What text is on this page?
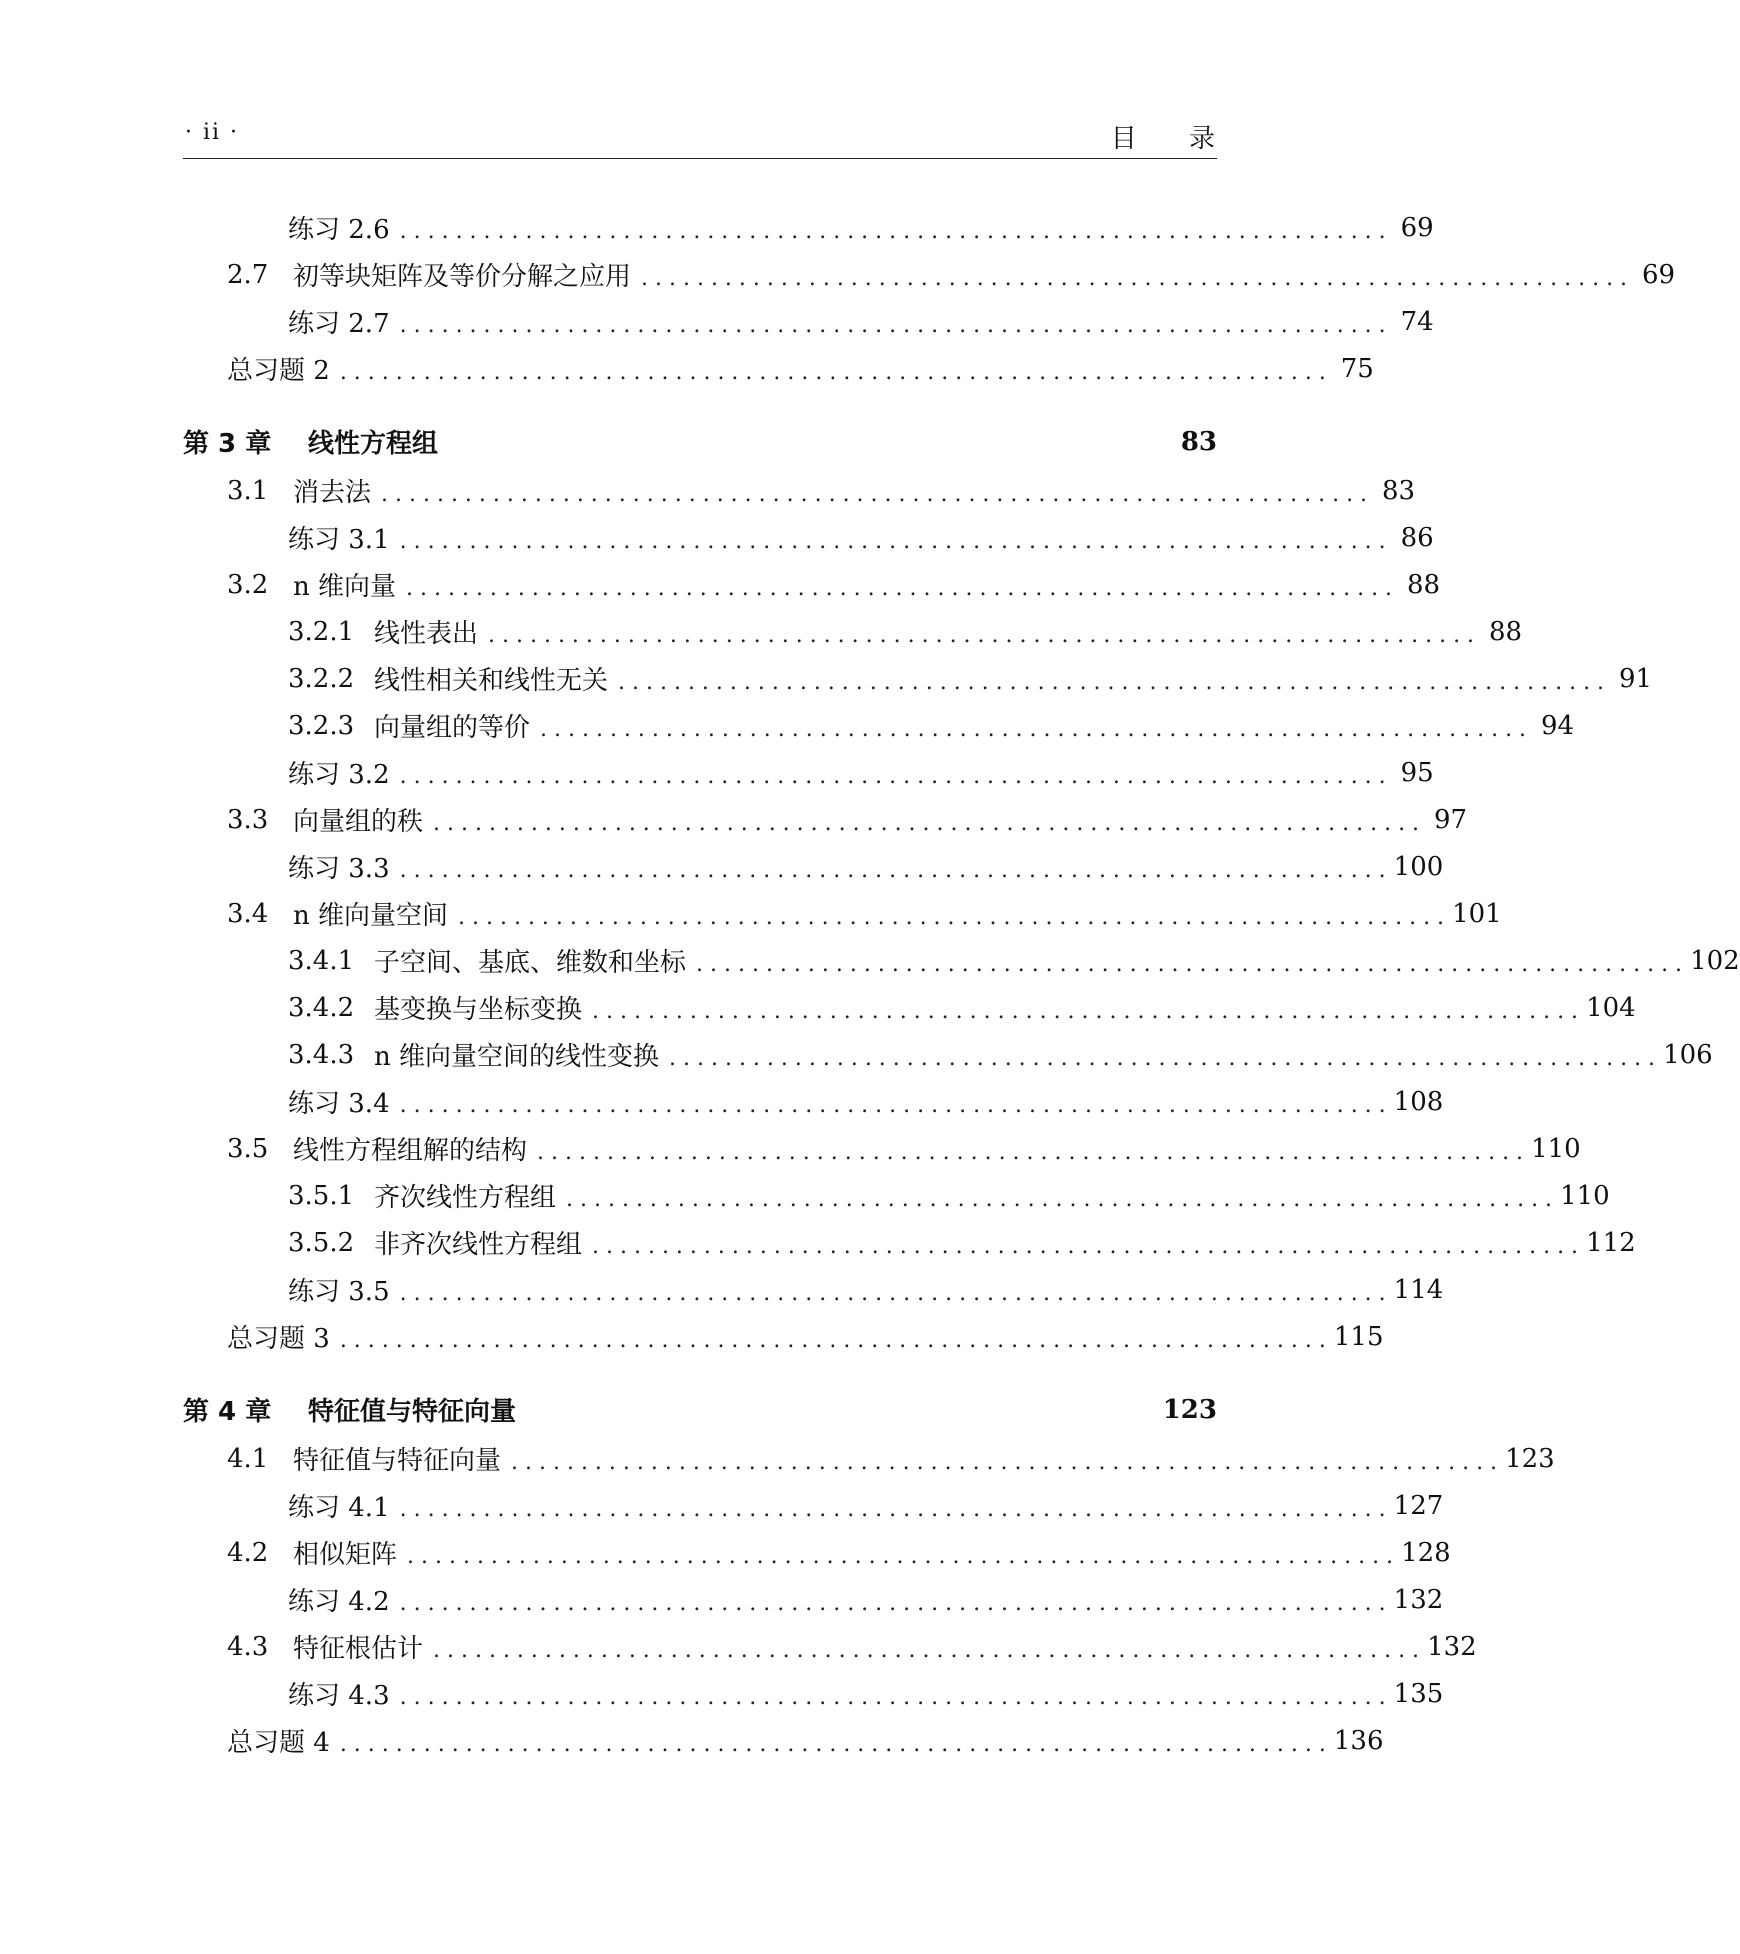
· ii ·	目 录
练习 2.6 . . . . . . . . . . . . . . . . . . . . . . . . . . . . . . . . . . . . . . . . . . . . . . . . . . . . . . . . . . . . . . . . . . . . . . . 69
2.7 初等块矩阵及等价分解之应用 . . . . . . . . . . . . . . . . . . . . . . . . . . . . . . . . . . . . . . . . . . . . . . . . . . . . . . . . . . . . . . . . . . . . . . . 69
练习 2.7 . . . . . . . . . . . . . . . . . . . . . . . . . . . . . . . . . . . . . . . . . . . . . . . . . . . . . . . . . . . . . . . . . . . . . . . 74
总习题 2 . . . . . . . . . . . . . . . . . . . . . . . . . . . . . . . . . . . . . . . . . . . . . . . . . . . . . . . . . . . . . . . . . . . . . . . 75
第 3 章	线性方程组	83
3.1 消去法 . . . . . . . . . . . . . . . . . . . . . . . . . . . . . . . . . . . . . . . . . . . . . . . . . . . . . . . . . . . . . . . . . . . . . . . 83
练习 3.1 . . . . . . . . . . . . . . . . . . . . . . . . . . . . . . . . . . . . . . . . . . . . . . . . . . . . . . . . . . . . . . . . . . . . . . . 86
3.2 n 维向量 . . . . . . . . . . . . . . . . . . . . . . . . . . . . . . . . . . . . . . . . . . . . . . . . . . . . . . . . . . . . . . . . . . . . . . . 88
3.2.1 线性表出 . . . . . . . . . . . . . . . . . . . . . . . . . . . . . . . . . . . . . . . . . . . . . . . . . . . . . . . . . . . . . . . . . . . . . . . 88
3.2.2 线性相关和线性无关 . . . . . . . . . . . . . . . . . . . . . . . . . . . . . . . . . . . . . . . . . . . . . . . . . . . . . . . . . . . . . . . . . . . . . . . 91
3.2.3 向量组的等价 . . . . . . . . . . . . . . . . . . . . . . . . . . . . . . . . . . . . . . . . . . . . . . . . . . . . . . . . . . . . . . . . . . . . . . . 94
练习 3.2 . . . . . . . . . . . . . . . . . . . . . . . . . . . . . . . . . . . . . . . . . . . . . . . . . . . . . . . . . . . . . . . . . . . . . . . 95
3.3 向量组的秩 . . . . . . . . . . . . . . . . . . . . . . . . . . . . . . . . . . . . . . . . . . . . . . . . . . . . . . . . . . . . . . . . . . . . . . . 97
练习 3.3 . . . . . . . . . . . . . . . . . . . . . . . . . . . . . . . . . . . . . . . . . . . . . . . . . . . . . . . . . . . . . . . . . . . . . . . 100
3.4 n 维向量空间 . . . . . . . . . . . . . . . . . . . . . . . . . . . . . . . . . . . . . . . . . . . . . . . . . . . . . . . . . . . . . . . . . . . . . . . 101
3.4.1 子空间、基底、维数和坐标 . . . . . . . . . . . . . . . . . . . . . . . . . . . . . . . . . . . . . . . . . . . . . . . . . . . . . . . . . . . . . . . . . . . . . . . 102
3.4.2 基变换与坐标变换 . . . . . . . . . . . . . . . . . . . . . . . . . . . . . . . . . . . . . . . . . . . . . . . . . . . . . . . . . . . . . . . . . . . . . . . 104
3.4.3 n 维向量空间的线性变换 . . . . . . . . . . . . . . . . . . . . . . . . . . . . . . . . . . . . . . . . . . . . . . . . . . . . . . . . . . . . . . . . . . . . . . . 106
练习 3.4 . . . . . . . . . . . . . . . . . . . . . . . . . . . . . . . . . . . . . . . . . . . . . . . . . . . . . . . . . . . . . . . . . . . . . . . 108
3.5 线性方程组解的结构 . . . . . . . . . . . . . . . . . . . . . . . . . . . . . . . . . . . . . . . . . . . . . . . . . . . . . . . . . . . . . . . . . . . . . . . 110
3.5.1 齐次线性方程组 . . . . . . . . . . . . . . . . . . . . . . . . . . . . . . . . . . . . . . . . . . . . . . . . . . . . . . . . . . . . . . . . . . . . . . . 110
3.5.2 非齐次线性方程组 . . . . . . . . . . . . . . . . . . . . . . . . . . . . . . . . . . . . . . . . . . . . . . . . . . . . . . . . . . . . . . . . . . . . . . . 112
练习 3.5 . . . . . . . . . . . . . . . . . . . . . . . . . . . . . . . . . . . . . . . . . . . . . . . . . . . . . . . . . . . . . . . . . . . . . . . 114
总习题 3 . . . . . . . . . . . . . . . . . . . . . . . . . . . . . . . . . . . . . . . . . . . . . . . . . . . . . . . . . . . . . . . . . . . . . . . 115
第 4 章	特征值与特征向量	123
4.1 特征值与特征向量 . . . . . . . . . . . . . . . . . . . . . . . . . . . . . . . . . . . . . . . . . . . . . . . . . . . . . . . . . . . . . . . . . . . . . . . 123
练习 4.1 . . . . . . . . . . . . . . . . . . . . . . . . . . . . . . . . . . . . . . . . . . . . . . . . . . . . . . . . . . . . . . . . . . . . . . . 127
4.2 相似矩阵 . . . . . . . . . . . . . . . . . . . . . . . . . . . . . . . . . . . . . . . . . . . . . . . . . . . . . . . . . . . . . . . . . . . . . . . 128
练习 4.2 . . . . . . . . . . . . . . . . . . . . . . . . . . . . . . . . . . . . . . . . . . . . . . . . . . . . . . . . . . . . . . . . . . . . . . . 132
4.3 特征根估计 . . . . . . . . . . . . . . . . . . . . . . . . . . . . . . . . . . . . . . . . . . . . . . . . . . . . . . . . . . . . . . . . . . . . . . . 132
练习 4.3 . . . . . . . . . . . . . . . . . . . . . . . . . . . . . . . . . . . . . . . . . . . . . . . . . . . . . . . . . . . . . . . . . . . . . . . 135
总习题 4 . . . . . . . . . . . . . . . . . . . . . . . . . . . . . . . . . . . . . . . . . . . . . . . . . . . . . . . . . . . . . . . . . . . . . . . 136
